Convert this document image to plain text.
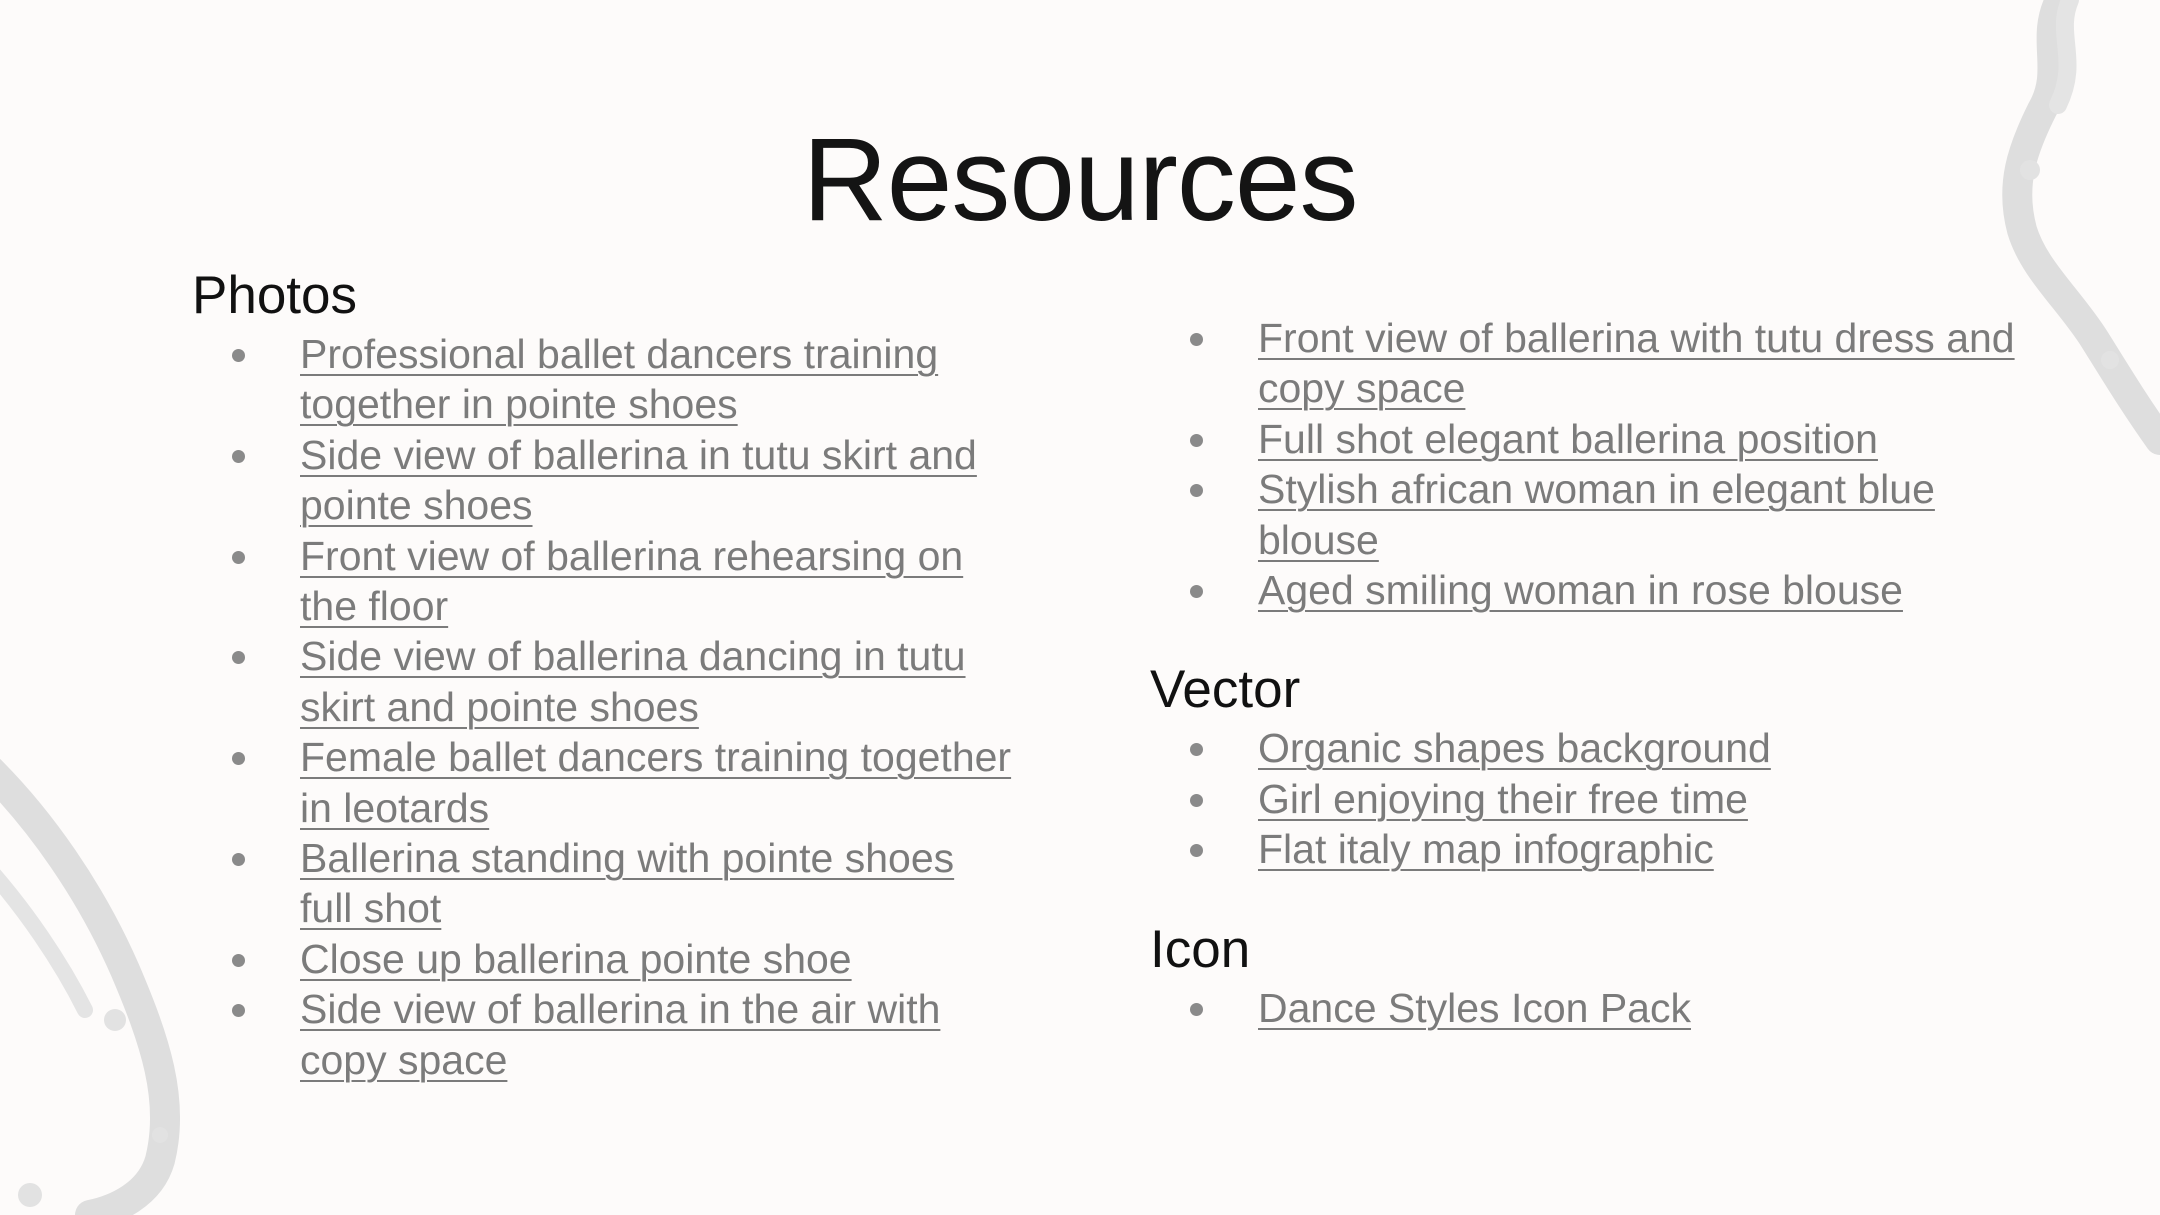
Resources
Photos
Professional ballet dancers training together in pointe shoes
Side view of ballerina in tutu skirt and pointe shoes
Front view of ballerina rehearsing on the floor
Side view of ballerina dancing in tutu skirt and pointe shoes
Female ballet dancers training together in leotards
Ballerina standing with pointe shoes full shot
Close up ballerina pointe shoe
Side view of ballerina in the air with copy space
Front view of ballerina with tutu dress and copy space
Full shot elegant ballerina position
Stylish african woman in elegant blue blouse
Aged smiling woman in rose blouse
Vector
Organic shapes background
Girl enjoying their free time
Flat italy map infographic
Icon
Dance Styles Icon Pack
